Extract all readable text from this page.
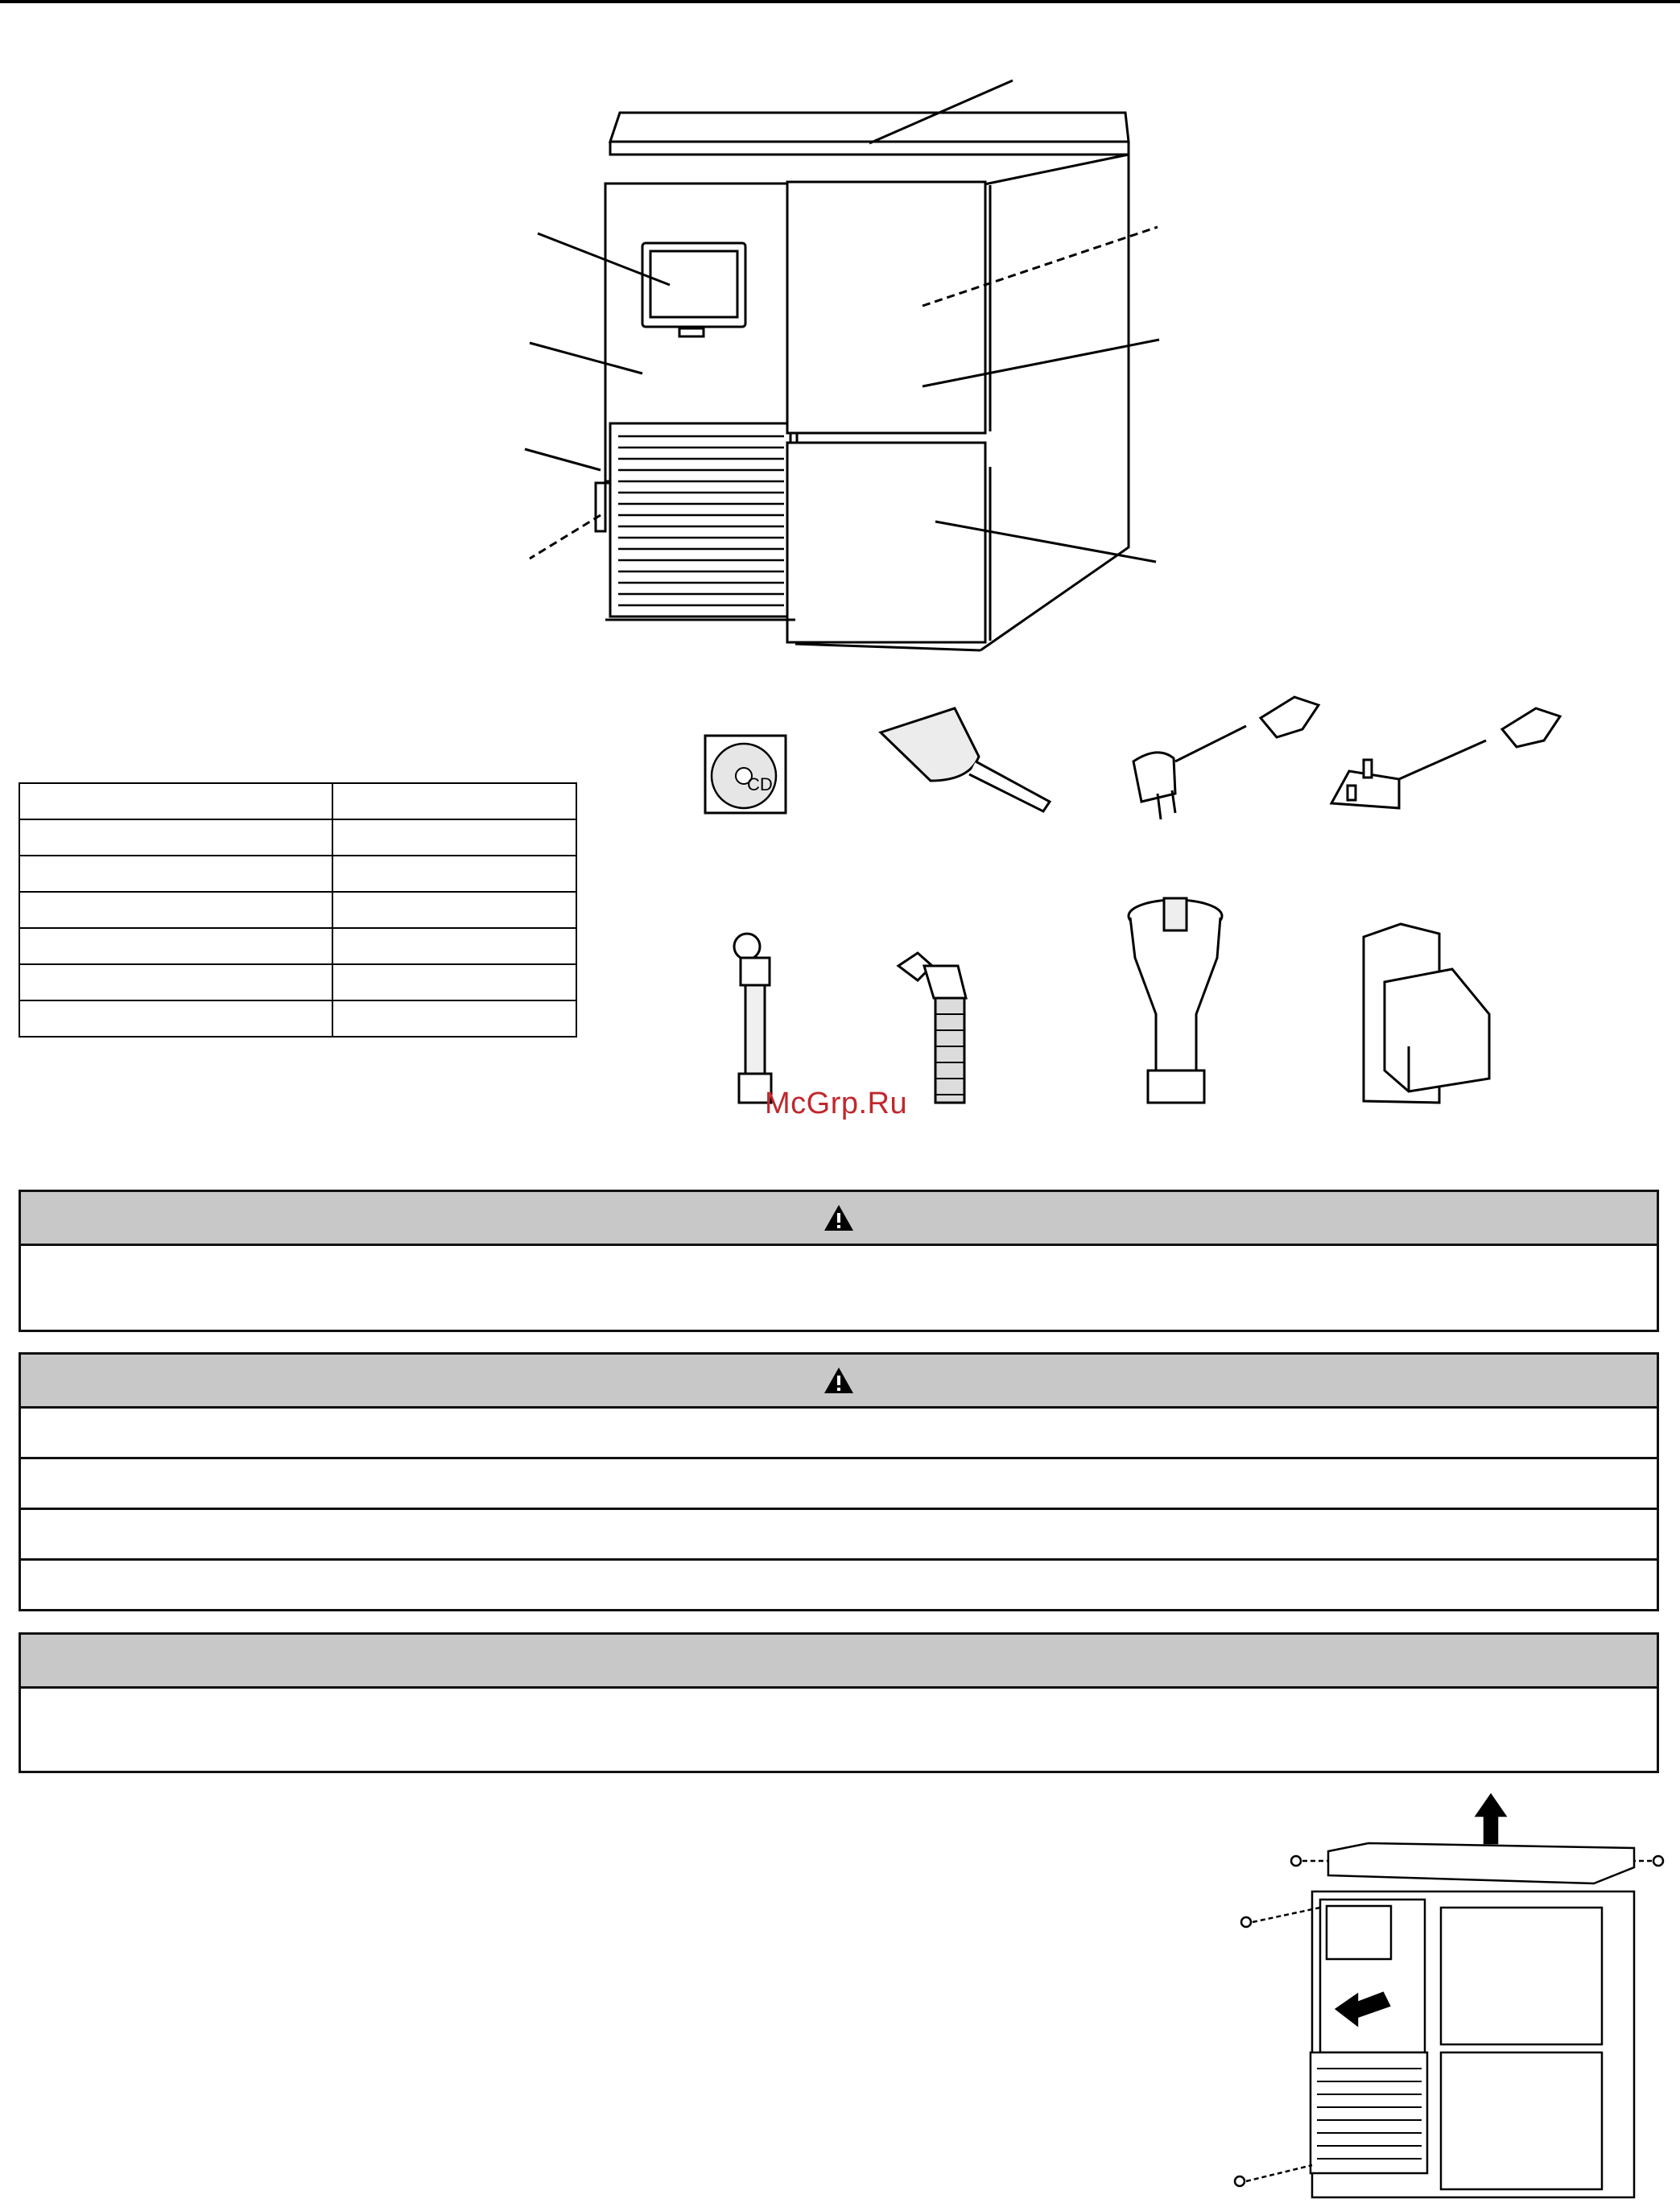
CD
McGrp.Ru
